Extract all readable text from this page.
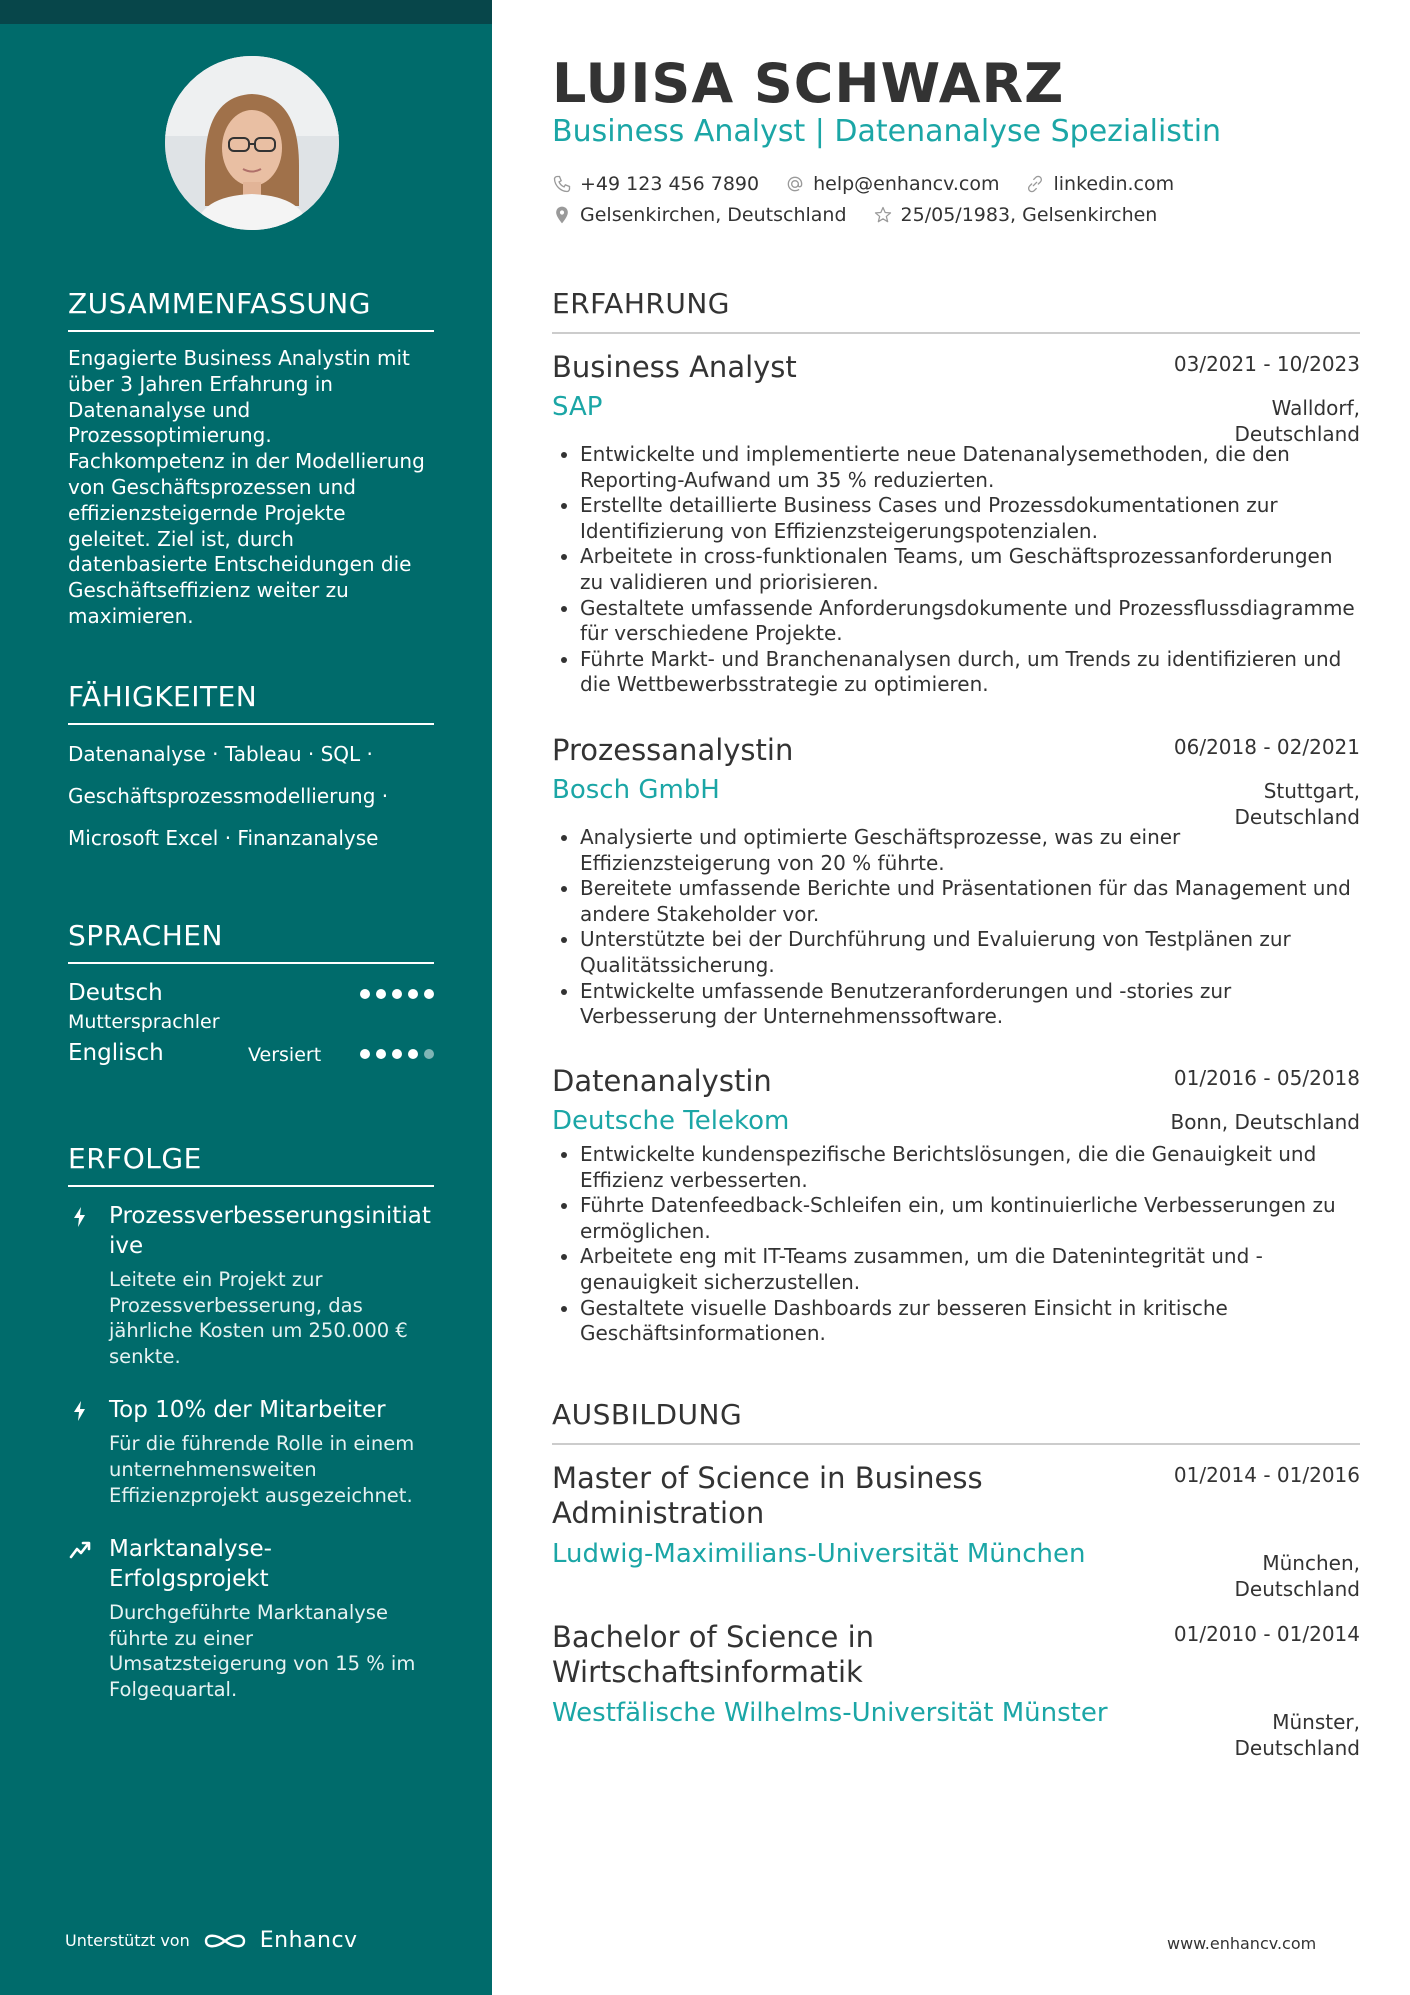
ZUSAMMENFASSUNG
Engagierte Business Analystin mit über 3 Jahren Erfahrung in Datenanalyse und Prozessoptimierung. Fachkompetenz in der Modellierung von Geschäftsprozessen und effizienzsteigernde Projekte geleitet. Ziel ist, durch datenbasierte Entscheidungen die Geschäftseffizienz weiter zu maximieren.
FÄHIGKEITEN
Datenanalyse · Tableau · SQL ·
Geschäftsprozessmodellierung ·
Microsoft Excel · Finanzanalyse
SPRACHEN
Deutsch
Muttersprachler
Englisch	Versiert
ERFOLGE
Prozessverbesserungsinitiative
Leitete ein Projekt zur Prozessverbesserung, das jährliche Kosten um 250.000 € senkte.
Top 10% der Mitarbeiter
Für die führende Rolle in einem unternehmensweiten Effizienzprojekt ausgezeichnet.
Marktanalyse-Erfolgsprojekt
Durchgeführte Marktanalyse führte zu einer Umsatzsteigerung von 15 % im Folgequartal.
Unterstützt von	Enhancv
LUISA SCHWARZ
Business Analyst | Datenanalyse Spezialistin
+49 123 456 7890	help@enhancv.com	linkedin.com
Gelsenkirchen, Deutschland	25/05/1983, Gelsenkirchen
ERFAHRUNG
Business Analyst	03/2021 - 10/2023
SAP	Walldorf, Deutschland
• Entwickelte und implementierte neue Datenanalysemethoden, die den Reporting-Aufwand um 35 % reduzierten.
• Erstellte detaillierte Business Cases und Prozessdokumentationen zur Identifizierung von Effizienzsteigerungspotenzialen.
• Arbeitete in cross-funktionalen Teams, um Geschäftsprozessanforderungen zu validieren und priorisieren.
• Gestaltete umfassende Anforderungsdokumente und Prozessflussdiagramme für verschiedene Projekte.
• Führte Markt- und Branchenanalysen durch, um Trends zu identifizieren und die Wettbewerbsstrategie zu optimieren.
Prozessanalystin	06/2018 - 02/2021
Bosch GmbH	Stuttgart, Deutschland
• Analysierte und optimierte Geschäftsprozesse, was zu einer Effizienzsteigerung von 20 % führte.
• Bereitete umfassende Berichte und Präsentationen für das Management und andere Stakeholder vor.
• Unterstützte bei der Durchführung und Evaluierung von Testplänen zur Qualitätssicherung.
• Entwickelte umfassende Benutzeranforderungen und -stories zur Verbesserung der Unternehmenssoftware.
Datenanalystin	01/2016 - 05/2018
Deutsche Telekom	Bonn, Deutschland
• Entwickelte kundenspezifische Berichtslösungen, die die Genauigkeit und Effizienz verbesserten.
• Führte Datenfeedback-Schleifen ein, um kontinuierliche Verbesserungen zu ermöglichen.
• Arbeitete eng mit IT-Teams zusammen, um die Datenintegrität und -genauigkeit sicherzustellen.
• Gestaltete visuelle Dashboards zur besseren Einsicht in kritische Geschäftsinformationen.
AUSBILDUNG
Master of Science in Business Administration
01/2014 - 01/2016
Ludwig-Maximilians-Universität München	München, Deutschland
Bachelor of Science in Wirtschaftsinformatik
01/2010 - 01/2014
Westfälische Wilhelms-Universität Münster	Münster, Deutschland
www.enhancv.com
